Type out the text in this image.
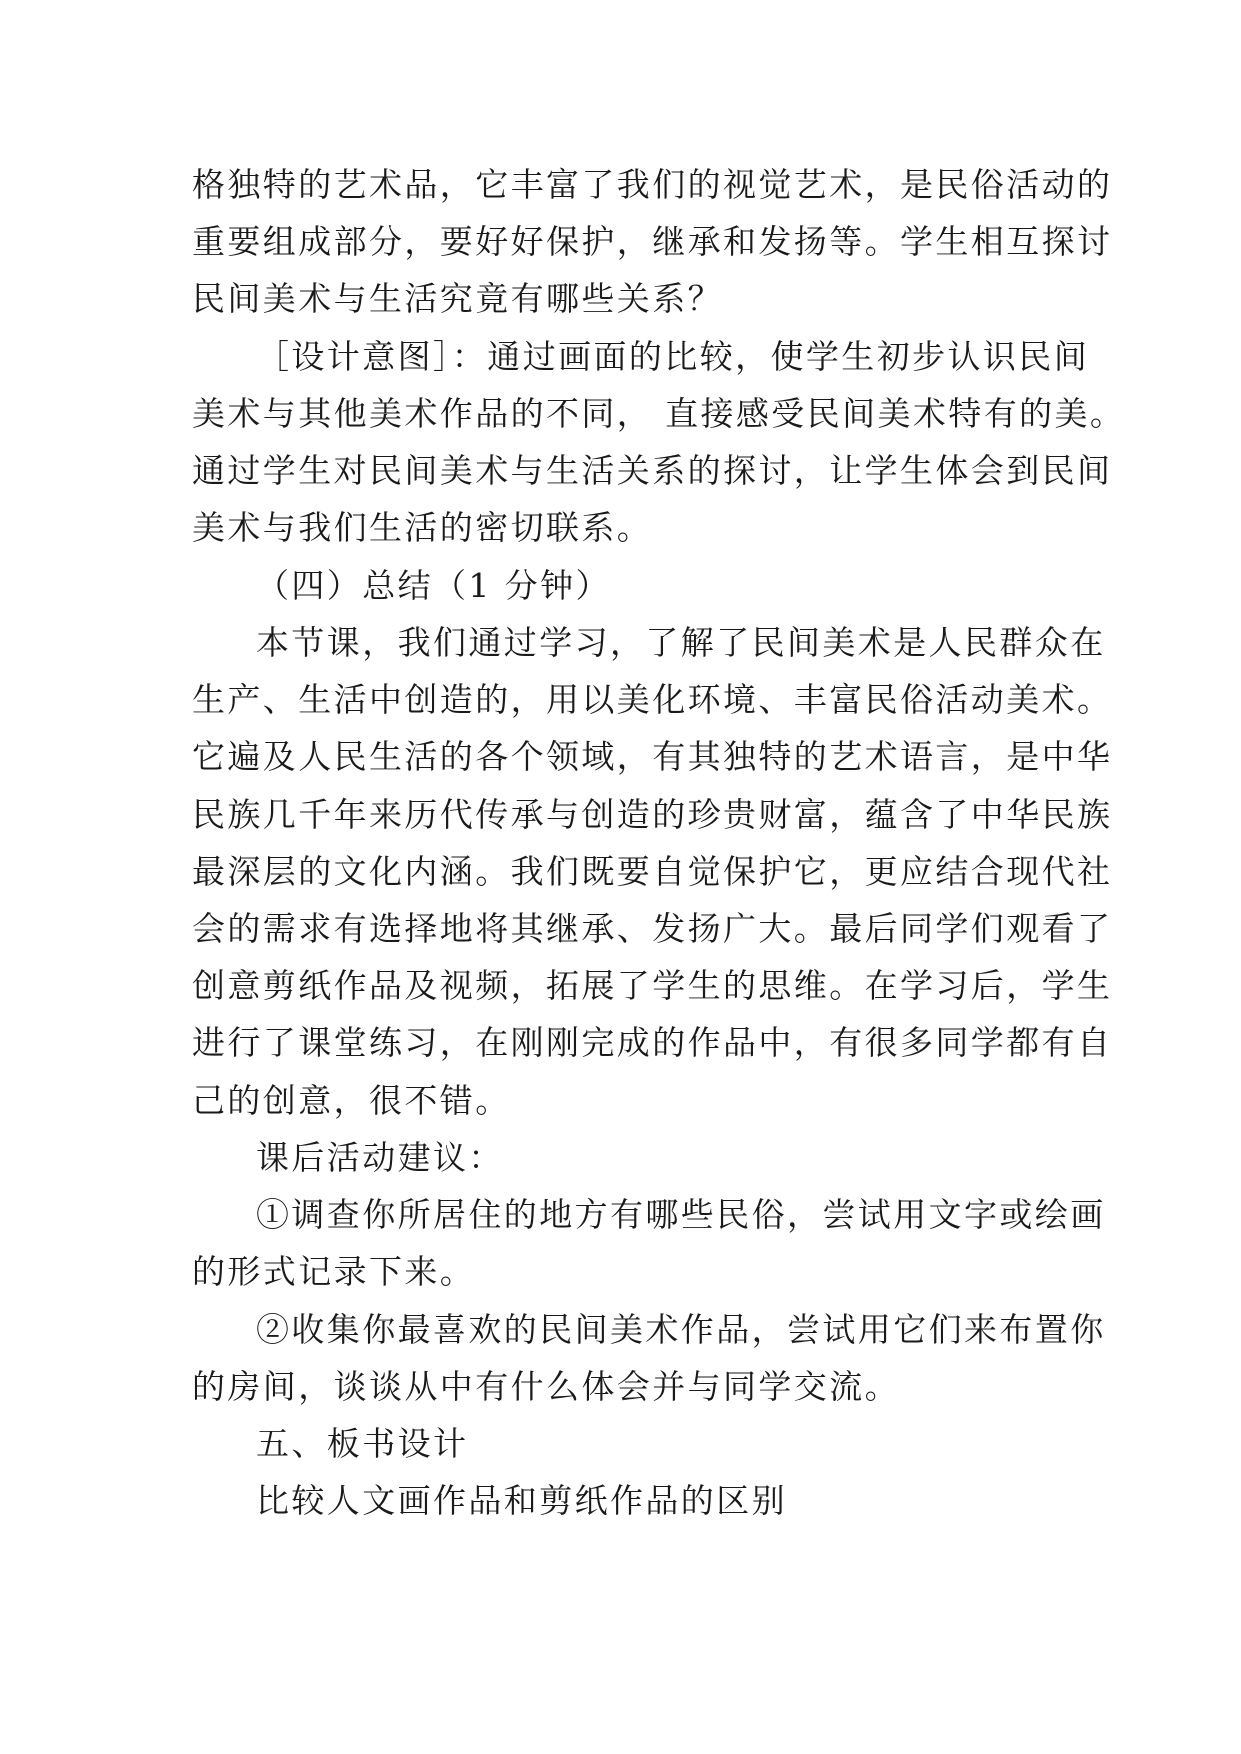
格独特的艺术品，它丰富了我们的视觉艺术，是民俗活动的
重要组成部分，要好好保护，继承和发扬等。学生相互探讨
民间美术与生活究竟有哪些关系？
［设计意图］：通过画面的比较，使学生初步认识民间
美术与其他美术作品的不同， 直接感受民间美术特有的美。
通过学生对民间美术与生活关系的探讨，让学生体会到民间
美术与我们生活的密切联系。
（四）总结（1 分钟）
本节课，我们通过学习，了解了民间美术是人民群众在
生产、生活中创造的，用以美化环境、丰富民俗活动美术。
它遍及人民生活的各个领域，有其独特的艺术语言，是中华
民族几千年来历代传承与创造的珍贵财富，蕴含了中华民族
最深层的文化内涵。我们既要自觉保护它，更应结合现代社
会的需求有选择地将其继承、发扬广大。最后同学们观看了
创意剪纸作品及视频，拓展了学生的思维。在学习后，学生
进行了课堂练习，在刚刚完成的作品中，有很多同学都有自
己的创意，很不错。
课后活动建议：
①调查你所居住的地方有哪些民俗，尝试用文字或绘画
的形式记录下来。
②收集你最喜欢的民间美术作品，尝试用它们来布置你
的房间，谈谈从中有什么体会并与同学交流。
五、板书设计
比较人文画作品和剪纸作品的区别
